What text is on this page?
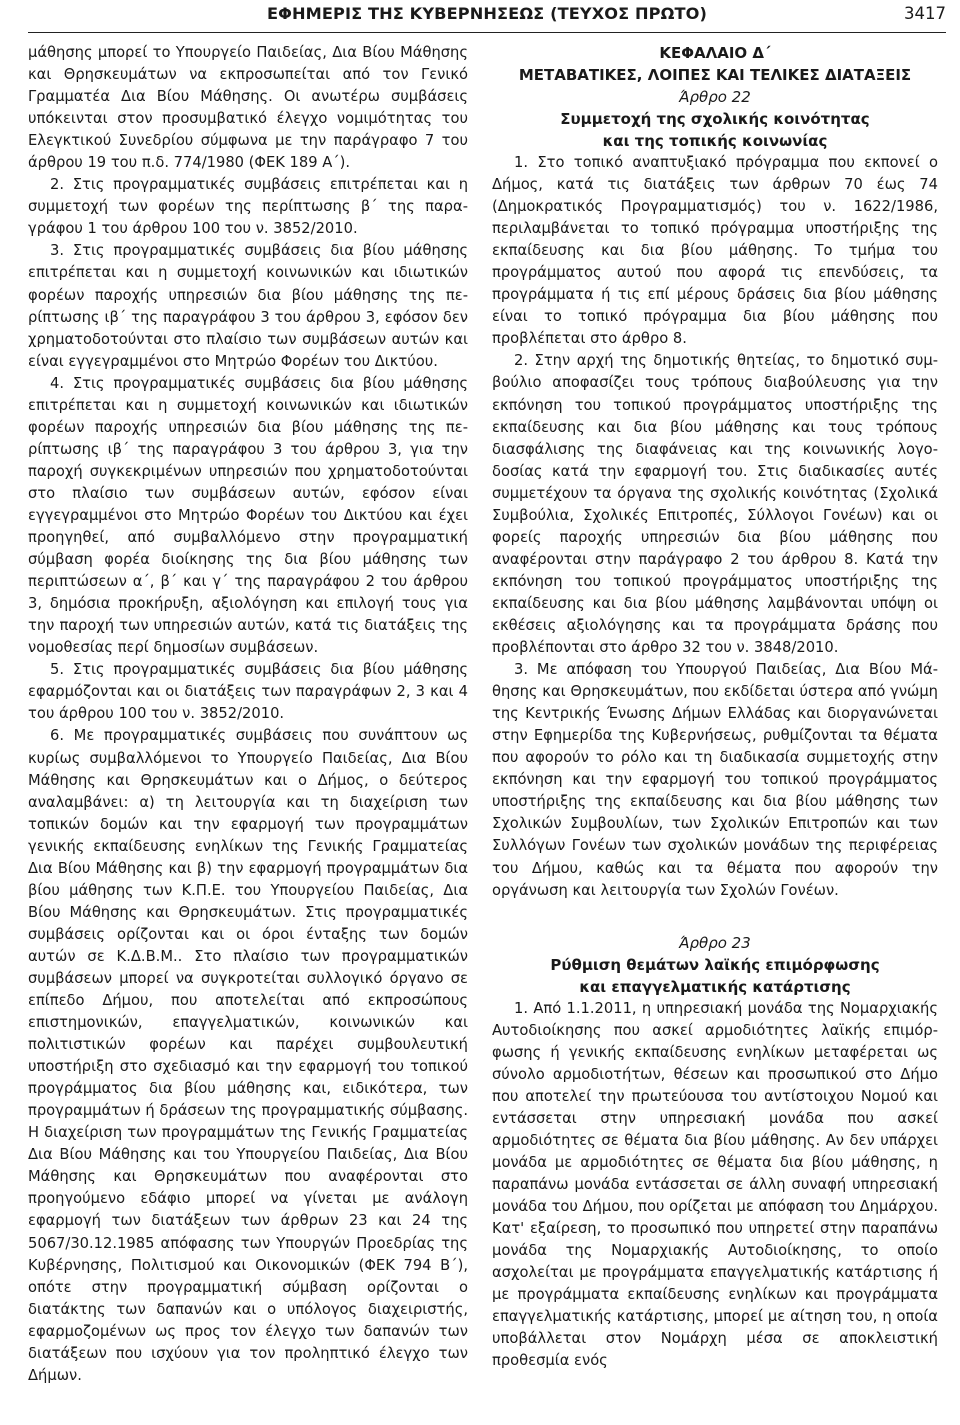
ΕΦΗΜΕΡΙΣ ΤΗΣ ΚΥΒΕΡΝΗΣΕΩΣ (ΤΕΥΧΟΣ ΠΡΩΤΟ)	3417

μάθησης μπορεί το Υπουργείο Παιδείας, Δια Βίου Μάθησης και Θρησκευμάτων να εκπροσωπείται από τον Γενικό Γραμματέα Δια Βίου Μάθησης. Οι ανωτέρω συμβάσεις υπόκεινται στον προσυμβατικό έλεγχο νομιμότητας του Ελεγκτικού Συνεδρίου σύμφωνα με την παράγραφο 7 του άρθρου 19 του π.δ. 774/1980 (ΦΕΚ 189 Α΄).

2. Στις προγραμματικές συμβάσεις επιτρέπεται και η συμμετοχή των φορέων της περίπτωσης β΄ της παραγράφου 1 του άρθρου 100 του ν. 3852/2010.

3. Στις προγραμματικές συμβάσεις δια βίου μάθησης επιτρέπεται και η συμμετοχή κοινωνικών και ιδιωτικών φορέων παροχής υπηρεσιών δια βίου μάθησης της περίπτωσης ιβ΄ της παραγράφου 3 του άρθρου 3, εφόσον δεν χρηματοδοτούνται στο πλαίσιο των συμβάσεων αυτών και είναι εγγεγραμμένοι στο Μητρώο Φορέων του Δικτύου.

4. Στις προγραμματικές συμβάσεις δια βίου μάθησης επιτρέπεται και η συμμετοχή κοινωνικών και ιδιωτικών φορέων παροχής υπηρεσιών δια βίου μάθησης της περίπτωσης ιβ΄ της παραγράφου 3 του άρθρου 3, για την παροχή συγκεκριμένων υπηρεσιών που χρηματοδοτούνται στο πλαίσιο των συμβάσεων αυτών, εφόσον είναι εγγεγραμμένοι στο Μητρώο Φορέων του Δικτύου και έχει προηγηθεί, από συμβαλλόμενο στην προγραμματική σύμβαση φορέα διοίκησης της δια βίου μάθησης των περιπτώσεων α΄, β΄ και γ΄ της παραγράφου 2 του άρθρου 3, δημόσια προκήρυξη, αξιολόγηση και επιλογή τους για την παροχή των υπηρεσιών αυτών, κατά τις διατάξεις της νομοθεσίας περί δημοσίων συμβάσεων.

5. Στις προγραμματικές συμβάσεις δια βίου μάθησης εφαρμόζονται και οι διατάξεις των παραγράφων 2, 3 και 4 του άρθρου 100 του ν. 3852/2010.

6. Με προγραμματικές συμβάσεις που συνάπτουν ως κυρίως συμβαλλόμενοι το Υπουργείο Παιδείας, Δια Βίου Μάθησης και Θρησκευμάτων και ο Δήμος, ο δεύτερος αναλαμβάνει: α) τη λειτουργία και τη διαχείριση των τοπικών δομών και την εφαρμογή των προγραμμάτων γενικής εκπαίδευσης ενηλίκων της Γενικής Γραμματείας Δια Βίου Μάθησης και β) την εφαρμογή προγραμμάτων δια βίου μάθησης των Κ.Π.Ε. του Υπουργείου Παιδείας, Δια Βίου Μάθησης και Θρησκευμάτων. Στις προγραμματικές συμβάσεις ορίζονται και οι όροι ένταξης των δομών αυτών σε Κ.Δ.Β.Μ.. Στο πλαίσιο των προγραμματικών συμβάσεων μπορεί να συγκροτείται συλλογικό όργανο σε επίπεδο Δήμου, που αποτελείται από εκπροσώπους επιστημονικών, επαγγελματικών, κοινωνικών και πολιτιστικών φορέων και παρέχει συμβουλευτική υποστήριξη στο σχεδιασμό και την εφαρμογή του τοπικού προγράμματος δια βίου μάθησης και, ειδικότερα, των προγραμμάτων ή δράσεων της προγραμματικής σύμβασης. Η διαχείριση των προγραμμάτων της Γενικής Γραμματείας Δια Βίου Μάθησης και του Υπουργείου Παιδείας, Δια Βίου Μάθησης και Θρησκευμάτων που αναφέρονται στο προηγούμενο εδάφιο μπορεί να γίνεται με ανάλογη εφαρμογή των διατάξεων των άρθρων 23 και 24 της 5067/30.12.1985 απόφασης των Υπουργών Προεδρίας της Κυβέρνησης, Πολιτισμού και Οικονομικών (ΦΕΚ 794 Β΄), οπότε στην προγραμματική σύμβαση ορίζονται ο διατάκτης των δαπανών και ο υπόλογος διαχειριστής, εφαρμοζομένων ως προς τον έλεγχο των δαπανών των διατάξεων που ισχύουν για τον προληπτικό έλεγχο των Δήμων.

ΚΕΦΑΛΑΙΟ Δ΄

ΜΕΤΑΒΑΤΙΚΕΣ, ΛΟΙΠΕΣ ΚΑΙ ΤΕΛΙΚΕΣ ΔΙΑΤΑΞΕΙΣ

Άρθρο 22

Συμμετοχή της σχολικής κοινότητας

και της τοπικής κοινωνίας

1. Στο τοπικό αναπτυξιακό πρόγραμμα που εκπονεί ο Δήμος, κατά τις διατάξεις των άρθρων 70 έως 74 (Δημοκρατικός Προγραμματισμός) του ν. 1622/1986, περιλαμβάνεται το τοπικό πρόγραμμα υποστήριξης της εκπαίδευσης και δια βίου μάθησης. Το τμήμα του προγράμματος αυτού που αφορά τις επενδύσεις, τα προγράμματα ή τις επί μέρους δράσεις δια βίου μάθησης είναι το τοπικό πρόγραμμα δια βίου μάθησης που προβλέπεται στο άρθρο 8.

2. Στην αρχή της δημοτικής θητείας, το δημοτικό συμβούλιο αποφασίζει τους τρόπους διαβούλευσης για την εκπόνηση του τοπικού προγράμματος υποστήριξης της εκπαίδευσης και δια βίου μάθησης και τους τρόπους διασφάλισης της διαφάνειας και της κοινωνικής λογοδοσίας κατά την εφαρμογή του. Στις διαδικασίες αυτές συμμετέχουν τα όργανα της σχολικής κοινότητας (Σχολικά Συμβούλια, Σχολικές Επιτροπές, Σύλλογοι Γονέων) και οι φορείς παροχής υπηρεσιών δια βίου μάθησης που αναφέρονται στην παράγραφο 2 του άρθρου 8. Κατά την εκπόνηση του τοπικού προγράμματος υποστήριξης της εκπαίδευσης και δια βίου μάθησης λαμβάνονται υπόψη οι εκθέσεις αξιολόγησης και τα προγράμματα δράσης που προβλέπονται στο άρθρο 32 του ν. 3848/2010.

3. Με απόφαση του Υπουργού Παιδείας, Δια Βίου Μάθησης και Θρησκευμάτων, που εκδίδεται ύστερα από γνώμη της Κεντρικής Ένωσης Δήμων Ελλάδας και διοργανώνεται στην Εφημερίδα της Κυβερνήσεως, ρυθμίζονται τα θέματα που αφορούν το ρόλο και τη διαδικασία συμμετοχής στην εκπόνηση και την εφαρμογή του τοπικού προγράμματος υποστήριξης της εκπαίδευσης και δια βίου μάθησης των Σχολικών Συμβουλίων, των Σχολικών Επιτροπών και των Συλλόγων Γονέων των σχολικών μονάδων της περιφέρειας του Δήμου, καθώς και τα θέματα που αφορούν την οργάνωση και λειτουργία των Σχολών Γονέων.

Άρθρο 23

Ρύθμιση θεμάτων λαϊκής επιμόρφωσης

και επαγγελματικής κατάρτισης

1. Από 1.1.2011, η υπηρεσιακή μονάδα της Νομαρχιακής Αυτοδιοίκησης που ασκεί αρμοδιότητες λαϊκής επιμόρφωσης ή γενικής εκπαίδευσης ενηλίκων μεταφέρεται ως σύνολο αρμοδιοτήτων, θέσεων και προσωπικού στο Δήμο που αποτελεί την πρωτεύουσα του αντίστοιχου Νομού και εντάσσεται στην υπηρεσιακή μονάδα που ασκεί αρμοδιότητες σε θέματα δια βίου μάθησης. Αν δεν υπάρχει μονάδα με αρμοδιότητες σε θέματα δια βίου μάθησης, η παραπάνω μονάδα εντάσσεται σε άλλη συναφή υπηρεσιακή μονάδα του Δήμου, που ορίζεται με απόφαση του Δημάρχου. Κατ' εξαίρεση, το προσωπικό που υπηρετεί στην παραπάνω μονάδα της Νομαρχιακής Αυτοδιοίκησης, το οποίο ασχολείται με προγράμματα επαγγελματικής κατάρτισης ή με προγράμματα εκπαίδευσης ενηλίκων και προγράμματα επαγγελματικής κατάρτισης, μπορεί με αίτηση του, η οποία υποβάλλεται στον Νομάρχη μέσα σε αποκλειστική προθεσμία ενός
